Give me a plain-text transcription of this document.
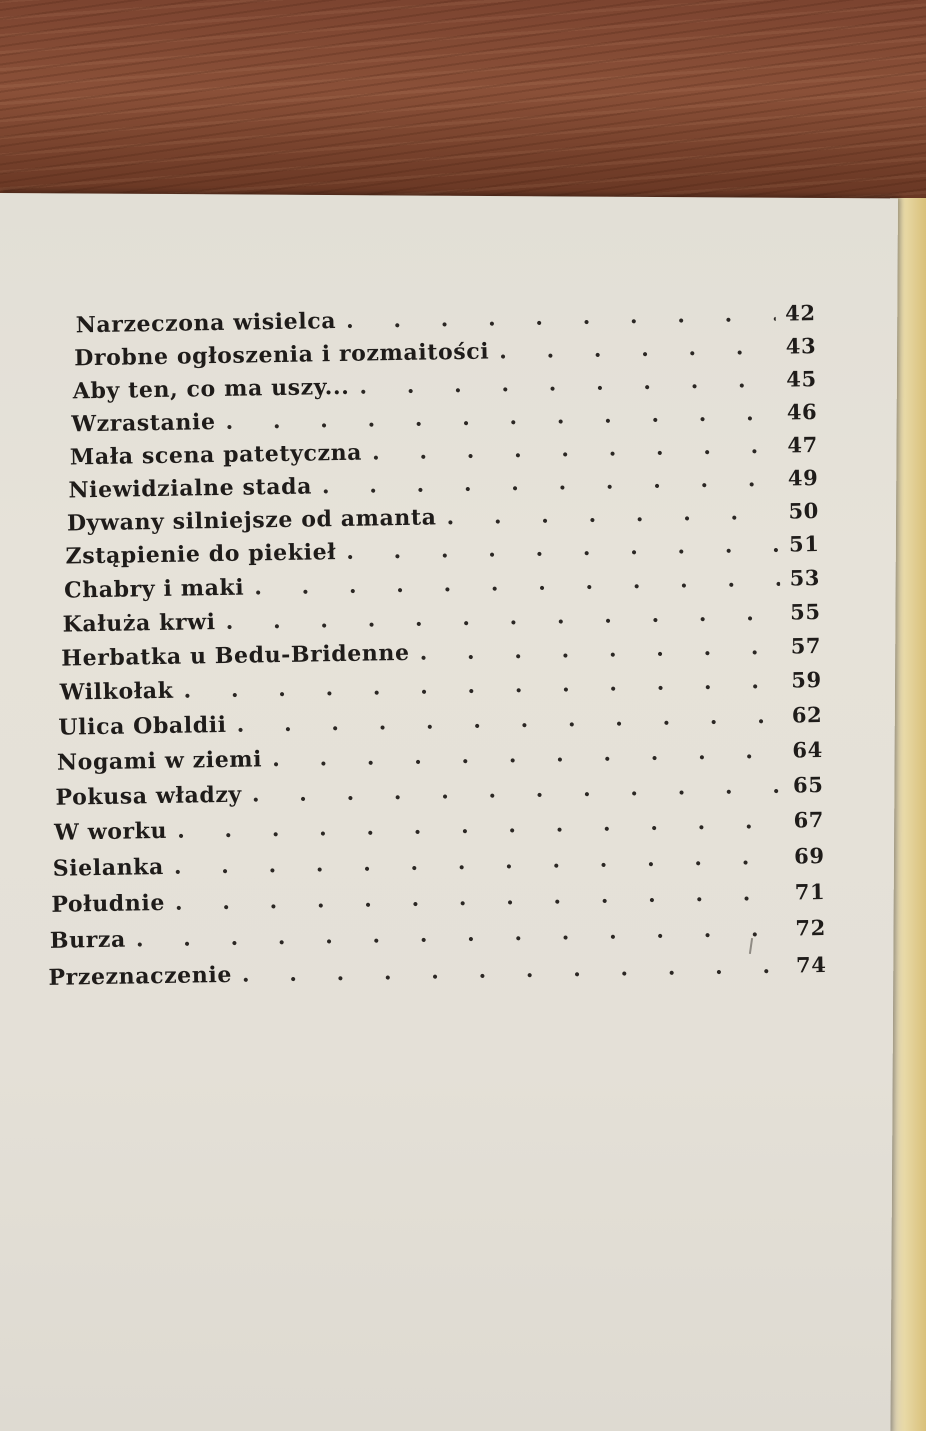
Narzeczona wisielca . . .	42
Drobne ogłoszenia i rozmaitości . . .	43
Aby ten, co ma uszy... . . .	45
Wzrastanie . . .	46
Mała scena patetyczna . . .	47
Niewidzialne stada . . .	49
Dywany silniejsze od amanta . . .	50
Zstąpienie do piekieł . . .	51
Chabry i maki . . .	53
Kałuża krwi . . .	55
Herbatka u Bedu-Bridenne . . .	57
Wilkołak . . .	59
Ulica Obaldii . . .	62
Nogami w ziemi . . .	64
Pokusa władzy . . .	65
W worku . . .	67
Sielanka . . .	69
Południe . . .	71
Burza . . .	72
Przeznaczenie . . .	74
